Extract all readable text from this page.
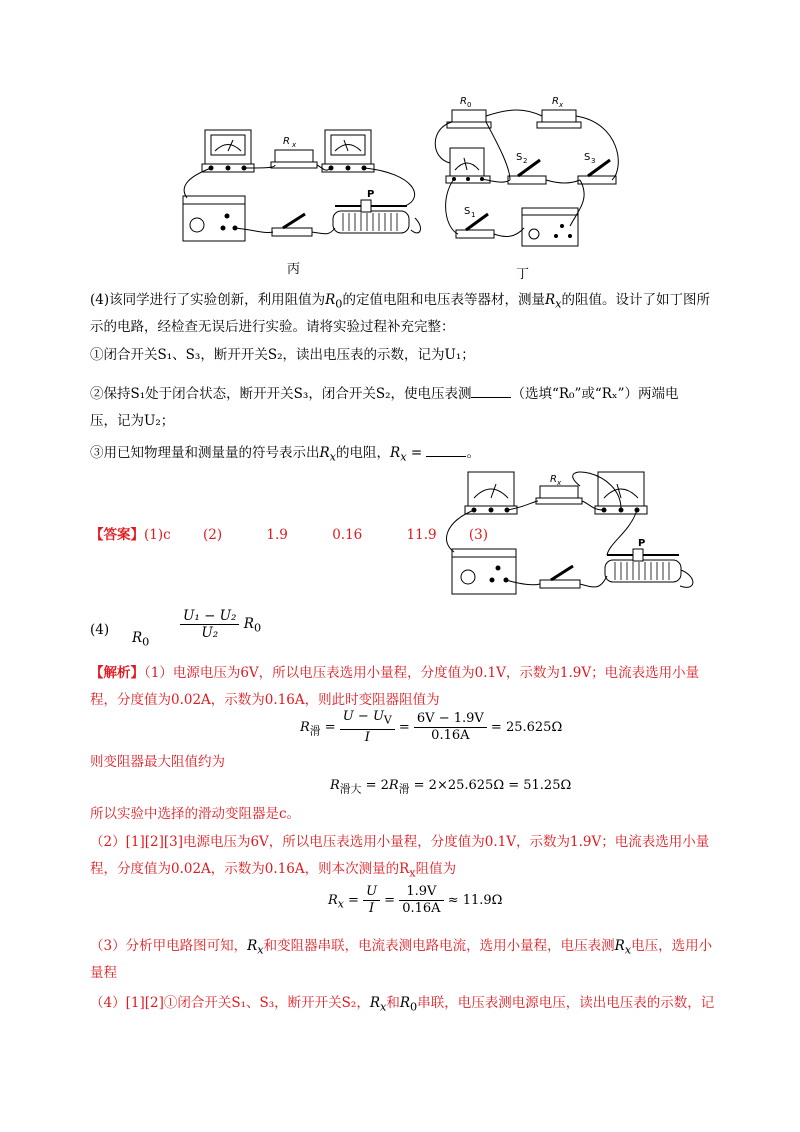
P
R x
丙
R 0	R x
S 2	S 3
S 1
丁
(4)该同学进行了实验创新，利用阻值为$R_0$的定值电阻和电压表等器材，测量$R_x$的阻值。设计了如丁图所
示的电路，经检查无误后进行实验。请将实验过程补充完整：
①闭合开关S₁、S₃，断开开关S₂，读出电压表的示数，记为U₁；
②保持S₁处于闭合状态，断开开关S₃，闭合开关S₂，使电压表测	（选填“R₀”或“Rₓ”）两端电
压，记为U₂；
③用已知物理量和测量量的符号表示出$R_x$的电阻，$R_x$ =	。
R x
P
【答案】(1)c (2)	1.9	0.16	11.9 (3)
(4) $R_0$
$\frac{\text{U₁ − U₂}}{\text{U₂}} R_0$
【解析】（1）电源电压为6V，所以电压表选用小量程，分度值为0.1V，示数为1.9V；电流表选用小量
程，分度值为0.02A，示数为0.16A，则此时变阻器阻值为
$R_滑 = \frac{U - U_V}{I} = \frac{6V - 1.9V}{0.16A} = 25.625\Omega$
则变阻器最大阻值约为
$R_{滑大} = 2R_滑 = 2\times 25.625\Omega = 51.25\Omega$
所以实验中选择的滑动变阻器是c。
（2）[1][2][3]电源电压为6V，所以电压表选用小量程，分度值为0.1V，示数为1.9V；电流表选用小量
程，分度值为0.02A，示数为0.16A，则本次测量的$R_x$阻值为
$R_x = \frac{U}{I} = \frac{1.9V}{0.16A} \approx 11.9\Omega$
（3）分析甲电路图可知，$R_x$和变阻器串联，电流表测电路电流，选用小量程，电压表测$R_x$电压，选用小
量程
（4）[1][2]①闭合开关S₁、S₃，断开开关S₂，$R_x$和$R_0$串联，电压表测电源电压，读出电压表的示数，记
